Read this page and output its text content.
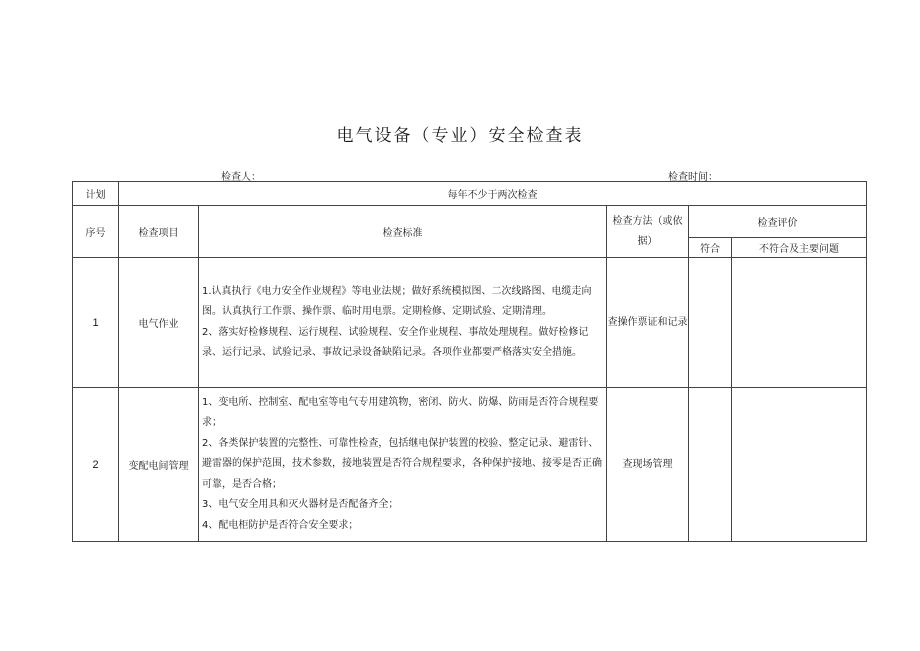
电气设备（专业）安全检查表
检查人：	检查时间：
计划	每年不少于两次检查				
序号	检查项目	检查标准	检查方法（或依据）	检查评价	
				符合	不符合及主要问题
1	电气作业	1.认真执行《电力安全作业规程》等电业法规；做好系统模拟图、二次线路图、电缆走向图。认真执行工作票、操作票、临时用电票。定期检修、定期试验、定期清理。
2、落实好检修规程、运行规程、试验规程、安全作业规程、事故处理规程。做好检修记录、运行记录、试验记录、事故记录设备缺陷记录。各项作业都要严格落实安全措施。	查操作票证和记录		
2	变配电间管理	1、变电所、控制室、配电室等电气专用建筑物，密闭、防火、防爆、防雨是否符合规程要求；
2、各类保护装置的完整性、可靠性检查，包括继电保护装置的校验、整定记录、避雷针、避雷器的保护范围，技术参数，接地装置是否符合规程要求，各种保护接地、接零是否正确可靠，是否合格；
3、电气安全用具和灭火器材是否配备齐全；
4、配电柜防护是否符合安全要求；	查现场管理		
